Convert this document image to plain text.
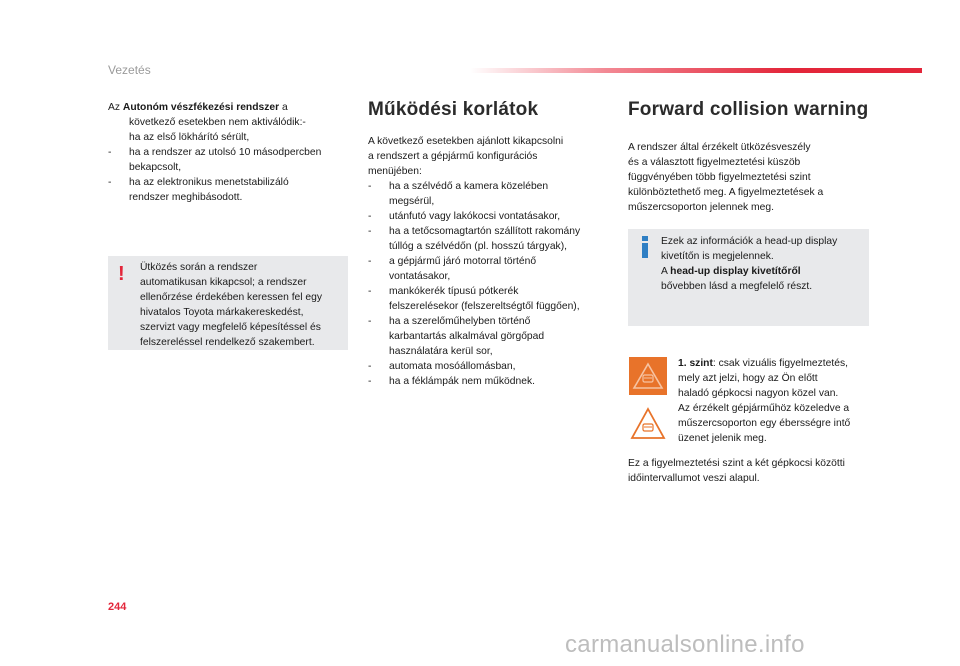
Vezetés

Az Autonóm vészfékezési rendszer a

következő esetekben nem aktiválódik:-

ha az első lökhárító sérült,

- ha a rendszer az utolsó 10 másodpercben
bekapcsolt,
- ha az elektronikus menetstabilizáló
rendszer meghibásodott.
! Ütközés során a rendszer
automatikusan kikapcsol; a rendszer
ellenőrzése érdekében keressen fel egy
hivatalos Toyota márkakereskedést,
szervizt vagy megfelelő képesítéssel és
felszereléssel rendelkező szakembert.
Működési korlátok

A következő esetekben ajánlott kikapcsolni
a rendszert a gépjármű konfigurációs
menüjében:

- ha a szélvédő a kamera közelében
megsérül,
- utánfutó vagy lakókocsi vontatásakor,
- ha a tetőcsomagtartón szállított rakomány
túllóg a szélvédőn (pl. hosszú tárgyak),
- a gépjármű járó motorral történő
vontatásakor,
- mankókerék típusú pótkerék
felszerelésekor (felszereltségtől függően),
- ha a szerelőműhelyben történő
karbantartás alkalmával görgőpad
használatára kerül sor,
- automata mosóállomásban,
- ha a féklámpák nem működnek.
Forward collision warning

A rendszer által érzékelt ütközésveszély
és a választott figyelmeztetési küszöb
függvényében több figyelmeztetési szint
különböztethető meg. A figyelmeztetések a
műszercsoporton jelennek meg.

Ezek az információk a head-up display
kivetítőn is megjelennek.
A head-up display kivetítőről
bővebben lásd a megfelelő részt.
1. szint: csak vizuális figyelmeztetés,
mely azt jelzi, hogy az Ön előtt
haladó gépkocsi nagyon közel van.
Az érzékelt gépjárműhöz közeledve a
műszercsoporton egy ébersségre intő
üzenet jelenik meg.
Ez a figyelmeztetési szint a két gépkocsi közötti
időintervallumot veszi alapul.
244
carmanualsonline.info
